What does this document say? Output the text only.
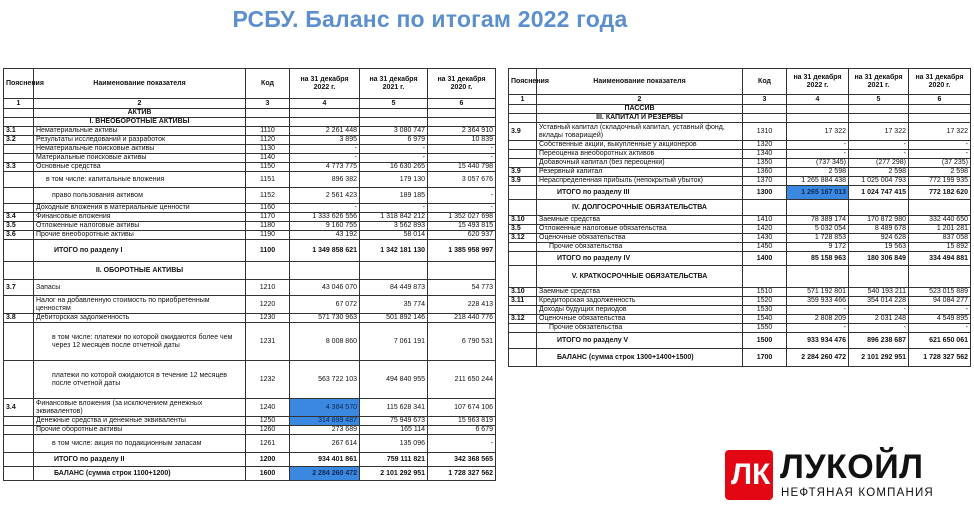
РСБУ. Баланс по итогам 2022 года
Пояснения	Наименование показателя	Код	на 31 декабря 2022 г.	на 31 декабря 2021 г.	на 31 декабря 2020 г.
1	2	3	4	5	6
	АКТИВ				
	I. ВНЕОБОРОТНЫЕ АКТИВЫ				
3.1	Нематериальные активы	1110	2 261 448	3 080 747	2 364 910
3.2	Результаты исследований и разработок	1120	3 895	6 979	10 839
	Нематериальные поисковые активы	1130	-	-	-
	Материальные поисковые активы	1140	-	-	-
3.3	Основные средства	1150	4 773 775	16 630 265	15 440 798
	в том числе: капитальные вложения	1151	896 382	179 130	3 057 676
	право пользования активом	1152	2 561 423	189 185	-
	Доходные вложения в материальные ценности	1160	-	-	-
3.4	Финансовые вложения	1170	1 333 626 556	1 318 842 212	1 352 027 698
3.5	Отложенные налоговые активы	1180	9 160 755	3 562 893	15 493 815
3.6	Прочие внеоборотные активы	1190	43 192	58 014	620 937
	ИТОГО по разделу I	1100	1 349 858 621	1 342 181 130	1 385 958 997
	II. ОБОРОТНЫЕ АКТИВЫ				
3.7	Запасы	1210	43 046 070	84 449 873	54 773
	Налог на добавленную стоимость по приобретенным ценностям	1220	67 072	35 774	228 413
3.8	Дебиторская задолженность	1230	571 730 963	501 892 146	218 440 776
	в том числе: платежи по которой ожидаются более чем через 12 месяцев после отчетной даты	1231	8 008 860	7 061 191	6 790 531
	платежи по которой ожидаются в течение 12 месяцев после отчетной даты	1232	563 722 103	494 840 955	211 650 244
3.4	Финансовые вложения (за исключением денежных эквивалентов)	1240	4 384 570	115 628 341	107 674 106
	Денежные средства и денежные эквиваленты	1250	314 899 487	75 949 673	15 963 819
	Прочие оборотные активы	1260	273 689	165 114	6 679
	в том числе: акция по подакционным запасам	1261	267 614	135 096	-
	ИТОГО по разделу II	1200	934 401 861	759 111 821	342 368 565
	БАЛАНС (сумма строк 1100+1200)	1600	2 284 260 472	2 101 292 951	1 728 327 562
Пояснения	Наименование показателя	Код	на 31 декабря 2022 г.	на 31 декабря 2021 г.	на 31 декабря 2020 г.
1	2	3	4	5	6
	ПАССИВ				
	III. КАПИТАЛ И РЕЗЕРВЫ				
3.9	Уставный капитал (складочный капитал, уставный фонд, вклады товарищей)	1310	17 322	17 322	17 322
	Собственные акции, выкупленные у акционеров	1320	-	-	-
	Переоценка внеоборотных активов	1340	-	-	-
	Добавочный капитал (без переоценки)	1350	(737 345)	(277 298)	(37 235)
3.9	Резервный капитал	1360	2 598	2 598	2 598
3.9	Нераспределенная прибыль (непокрытый убыток)	1370	1 265 884 438	1 025 004 793	772 199 935
	ИТОГО по разделу III	1300	1 265 167 013	1 024 747 415	772 182 620
	IV. ДОЛГОСРОЧНЫЕ ОБЯЗАТЕЛЬСТВА				
3.10	Заемные средства	1410	78 389 174	170 872 980	332 440 650
3.5	Отложенные налоговые обязательства	1420	5 032 054	8 489 678	1 201 281
3.12	Оценочные обязательства	1430	1 728 853	924 628	837 058
	Прочие обязательства	1450	9 172	19 563	15 892
	ИТОГО по разделу IV	1400	85 158 963	180 306 849	334 494 881
	V. КРАТКОСРОЧНЫЕ ОБЯЗАТЕЛЬСТВА				
3.10	Заемные средства	1510	571 192 801	540 193 211	523 015 889
3.11	Кредиторская задолженность	1520	359 933 466	354 014 228	94 084 277
	Доходы будущих периодов	1530	-	-	-
3.12	Оценочные обязательства	1540	2 808 209	2 031 248	4 549 895
	Прочие обязательства	1550	-	-	-
	ИТОГО по разделу V	1500	933 934 476	896 238 687	621 650 061
	БАЛАНС (сумма строк 1300+1400+1500)	1700	2 284 260 472	2 101 292 951	1 728 327 562
ЛК ЛУКОЙЛ
НЕФТЯНАЯ КОМПАНИЯ
